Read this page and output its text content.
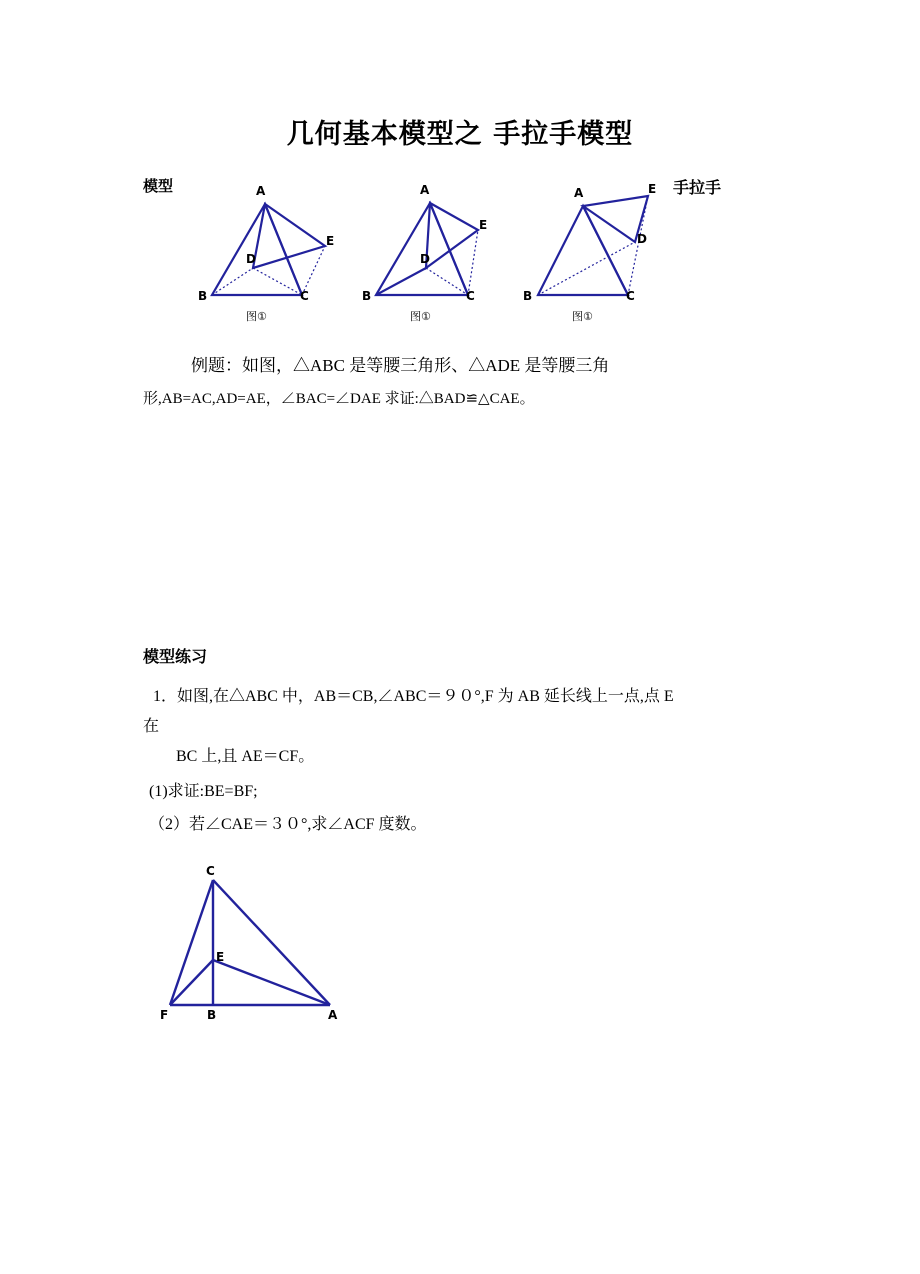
几何基本模型之 手拉手模型
模型	手拉手
A
B	C
D
E
图①
A
B	C
D
E
图①
A
B	C
D
E
图①
例题：如图，△ABC 是等腰三角形、△ADE 是等腰三角
形,AB=AC,AD=AE，∠BAC=∠DAE 求证:△BAD≌△CAE。
模型练习
1．如图,在△ABC 中，AB＝CB,∠ABC＝９０°,F 为 AB 延长线上一点,点 E
在
BC 上,且 AE＝CF。
(1)求证:BE=BF;
（2）若∠CAE＝３０°,求∠ACF 度数。
C
E
F	B	A
